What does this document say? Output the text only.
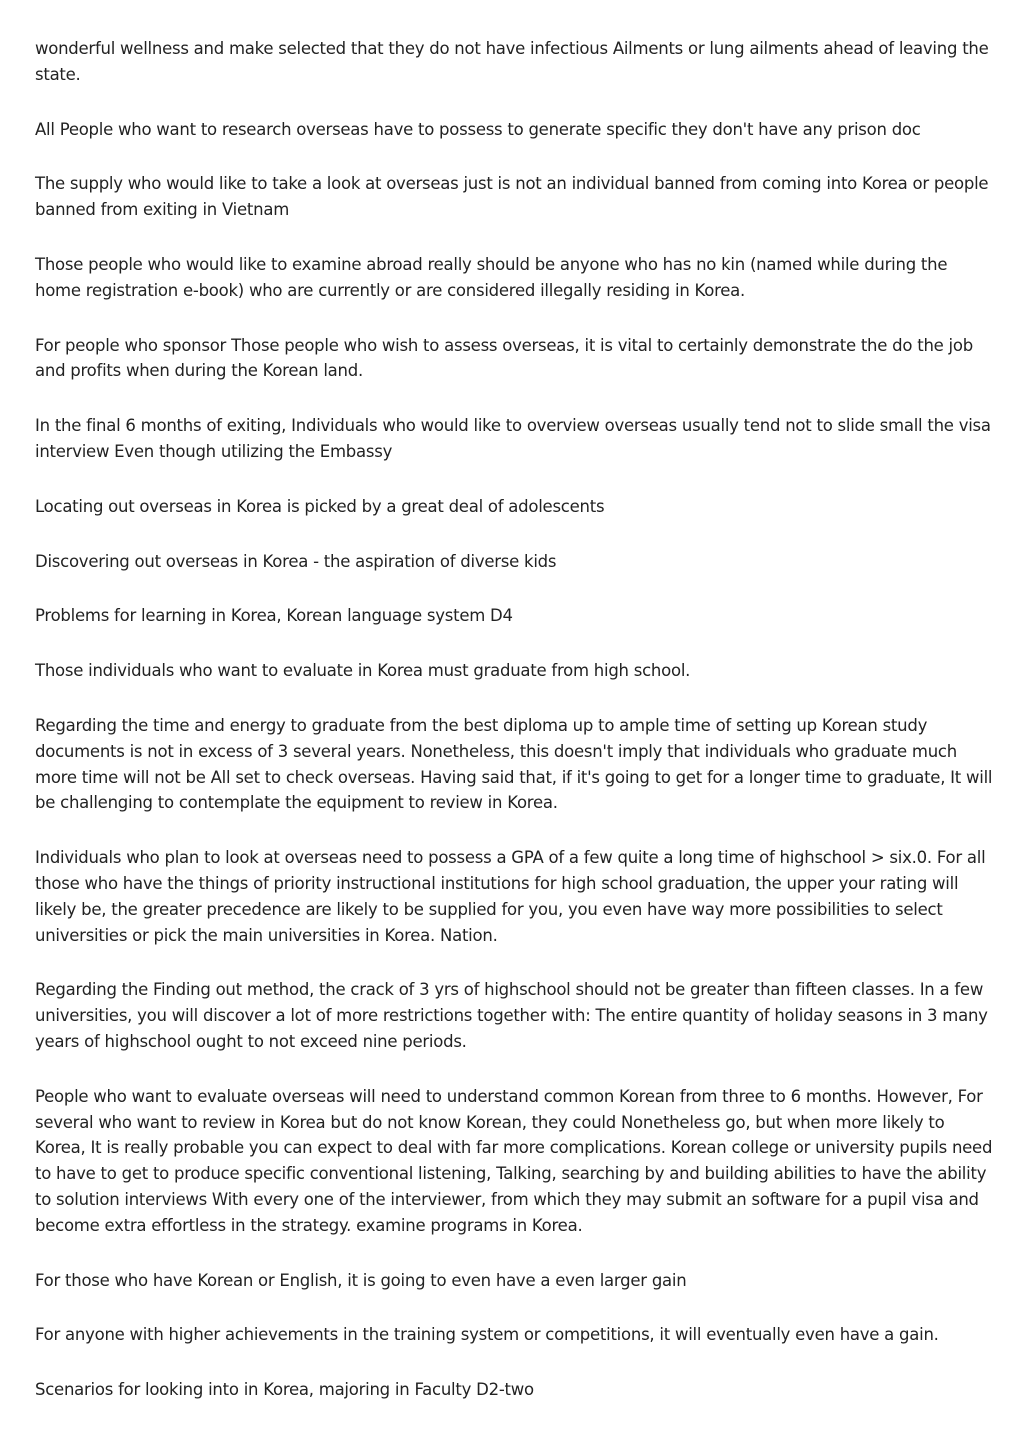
wonderful wellness and make selected that they do not have infectious Ailments or lung ailments ahead of leaving the state.

All People who want to research overseas have to possess to generate specific they don't have any prison doc

The supply who would like to take a look at overseas just is not an individual banned from coming into Korea or people banned from exiting in Vietnam

Those people who would like to examine abroad really should be anyone who has no kin (named while during the home registration e-book) who are currently or are considered illegally residing in Korea.

For people who sponsor Those people who wish to assess overseas, it is vital to certainly demonstrate the do the job and profits when during the Korean land.

In the final 6 months of exiting, Individuals who would like to overview overseas usually tend not to slide small the visa interview Even though utilizing the Embassy

Locating out overseas in Korea is picked by a great deal of adolescents

Discovering out overseas in Korea - the aspiration of diverse kids

Problems for learning in Korea, Korean language system D4

Those individuals who want to evaluate in Korea must graduate from high school.

Regarding the time and energy to graduate from the best diploma up to ample time of setting up Korean study documents is not in excess of 3 several years. Nonetheless, this doesn't imply that individuals who graduate much more time will not be All set to check overseas. Having said that, if it's going to get for a longer time to graduate, It will be challenging to contemplate the equipment to review in Korea.

Individuals who plan to look at overseas need to possess a GPA of a few quite a long time of highschool > six.0. For all those who have the things of priority instructional institutions for high school graduation, the upper your rating will likely be, the greater precedence are likely to be supplied for you, you even have way more possibilities to select universities or pick the main universities in Korea. Nation.

Regarding the Finding out method, the crack of 3 yrs of highschool should not be greater than fifteen classes. In a few universities, you will discover a lot of more restrictions together with: The entire quantity of holiday seasons in 3 many years of highschool ought to not exceed nine periods.

People who want to evaluate overseas will need to understand common Korean from three to 6 months. However, For several who want to review in Korea but do not know Korean, they could Nonetheless go, but when more likely to Korea, It is really probable you can expect to deal with far more complications. Korean college or university pupils need to have to get to produce specific conventional listening, Talking, searching by and building abilities to have the ability to solution interviews With every one of the interviewer, from which they may submit an software for a pupil visa and become extra effortless in the strategy. examine programs in Korea.

For those who have Korean or English, it is going to even have a even larger gain

For anyone with higher achievements in the training system or competitions, it will eventually even have a gain.

Scenarios for looking into in Korea, majoring in Faculty D2-two
